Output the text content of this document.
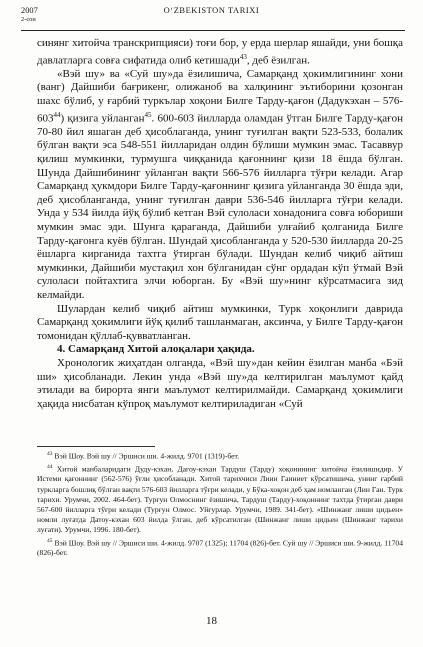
2007
2-сон
O‘ZBEKISTON TARIXI

синянг хитойча транскрипцияси) тоғи бор, у ерда шерлар яшайди, уни бошқа давлатларга совға сифатида олиб кетишади$^{43}$, деб ёзилган.

«Вэй шу» ва «Суй шу»да ёзилишича, Самарқанд ҳокимлигининг хони (ванг) Дайшиби бағрикенг, олижаноб ва халқининг эътиборини қозонган шахс бўлиб, у ғарбий туркълар хоқони Билге Тарду-қағон (Дадукэхан – $576-603^{44}$) қизига уйланган$^{45}$. 600-603 йилларда оламдан ўтган Билге Тарду-қағон 70-80 йил яшаган деб ҳисоблаганда, унинг туғилган вақти 523-533, болалик бўлган вақти эса 548-551 йилларидан олдин бўлиши мумкин эмас. Тасаввур қилиш мумкинки, турмушга чиққанида қағоннинг қизи 18 ёшда бўлган. Шунда Дайшибининг уйланган вақти 566-576 йилларга тўғри келади. Агар Самарқанд ҳукмдори Билге Тарду-қағоннинг қизига уйланганда 30 ёшда эди, деб ҳисобланганда, унинг туғилган даври 536-546 йилларга тўғри келади. Унда у 534 йилда йўқ бўлиб кетган Вэй сулоласи хонадонига совға юбориши мумкин эмас эди. Шунга қараганда, Дайшиби улғайиб қолганида Билге Тарду-қағонга куёв бўлган. Шундай ҳисобланганда у 520-530 йилларда 20-25 ёшларга кирганида тахтга ўтирган бўлади. Шундан келиб чиқиб айтиш мумкинки, Дайшиби мустақил хон бўлганидан сўнг ордадан кўп ўтмай Вэй сулоласи пойтахтига элчи юборган. Бу «Вэй шу»нинг кўрсатмасига зид келмайди.

Шулардан келиб чиқиб айтиш мумкинки, Турк хоқонлиги даврида Самарқанд ҳокимлиги йўқ қилиб ташланмаган, аксинча, у Билге Тарду-қағон томонидан қўллаб-қувватланган.

4. Самарқанд Хитой алоқалари ҳақида.

Хронологик жиҳатдан олганда, «Вэй шу»дан кейин ёзилган манба «Бэй ши» ҳисобланади. Лекин унда «Вэй шу»да келтирилган маълумот қайд этилади ва бирорта янги маълумот келтирилмайди. Самарқанд ҳокимлиги ҳақида нисбатан кўпроқ маълумот келтириладиган «Суй

$^{43}$ Вэй Шоу. Вэй шу // Эршиси ши. 4-жилд. 9701 (1319)-бет.

$^{44}$ Хитой манбаларидаги Дуду-кэхан, Дагоу-кэхан Тардуш (Тарду) хоқонининг хитойча ёзилишидир. У Истеми қағоннинг (562-576) ўғли ҳисобланади. Хитой тарихчиси Лиин Гаиниет кўрсатишича, унинг ғарбий туркларга бошлиқ бўлган вақти 576-603 йилларга тўғри келади, у Бўка-хоқон деб ҳам номланган (Лин Ган. Турк тарихи. Урумчи, 2002. 464-бет). Турғун Олмоснинг ёзишича, Тардуш (Тарду)-хоқоннинг тахтда ўтирган даври 567-600 йилларга тўғри келади (Турғун Олмос. Уйғурлар. Урумчи, 1989. 341-бет). «Шинжанг лиши цидьен» номли луғатда Датоу-кэхан 603 йилда ўлган, деб кўрсатилган (Шинжанг лиши цидьен (Шинжанг тарихи луғати). Урумчи, 1996. 180-бет).

$^{45}$ Вэй Шоу. Вэй шу // Эршиси ши. 4-жилд. 9707 (1325); 11704 (826)-бет. Суй шу // Эршиси ши. 9-жилд. 11704 (826)-бет.

18
